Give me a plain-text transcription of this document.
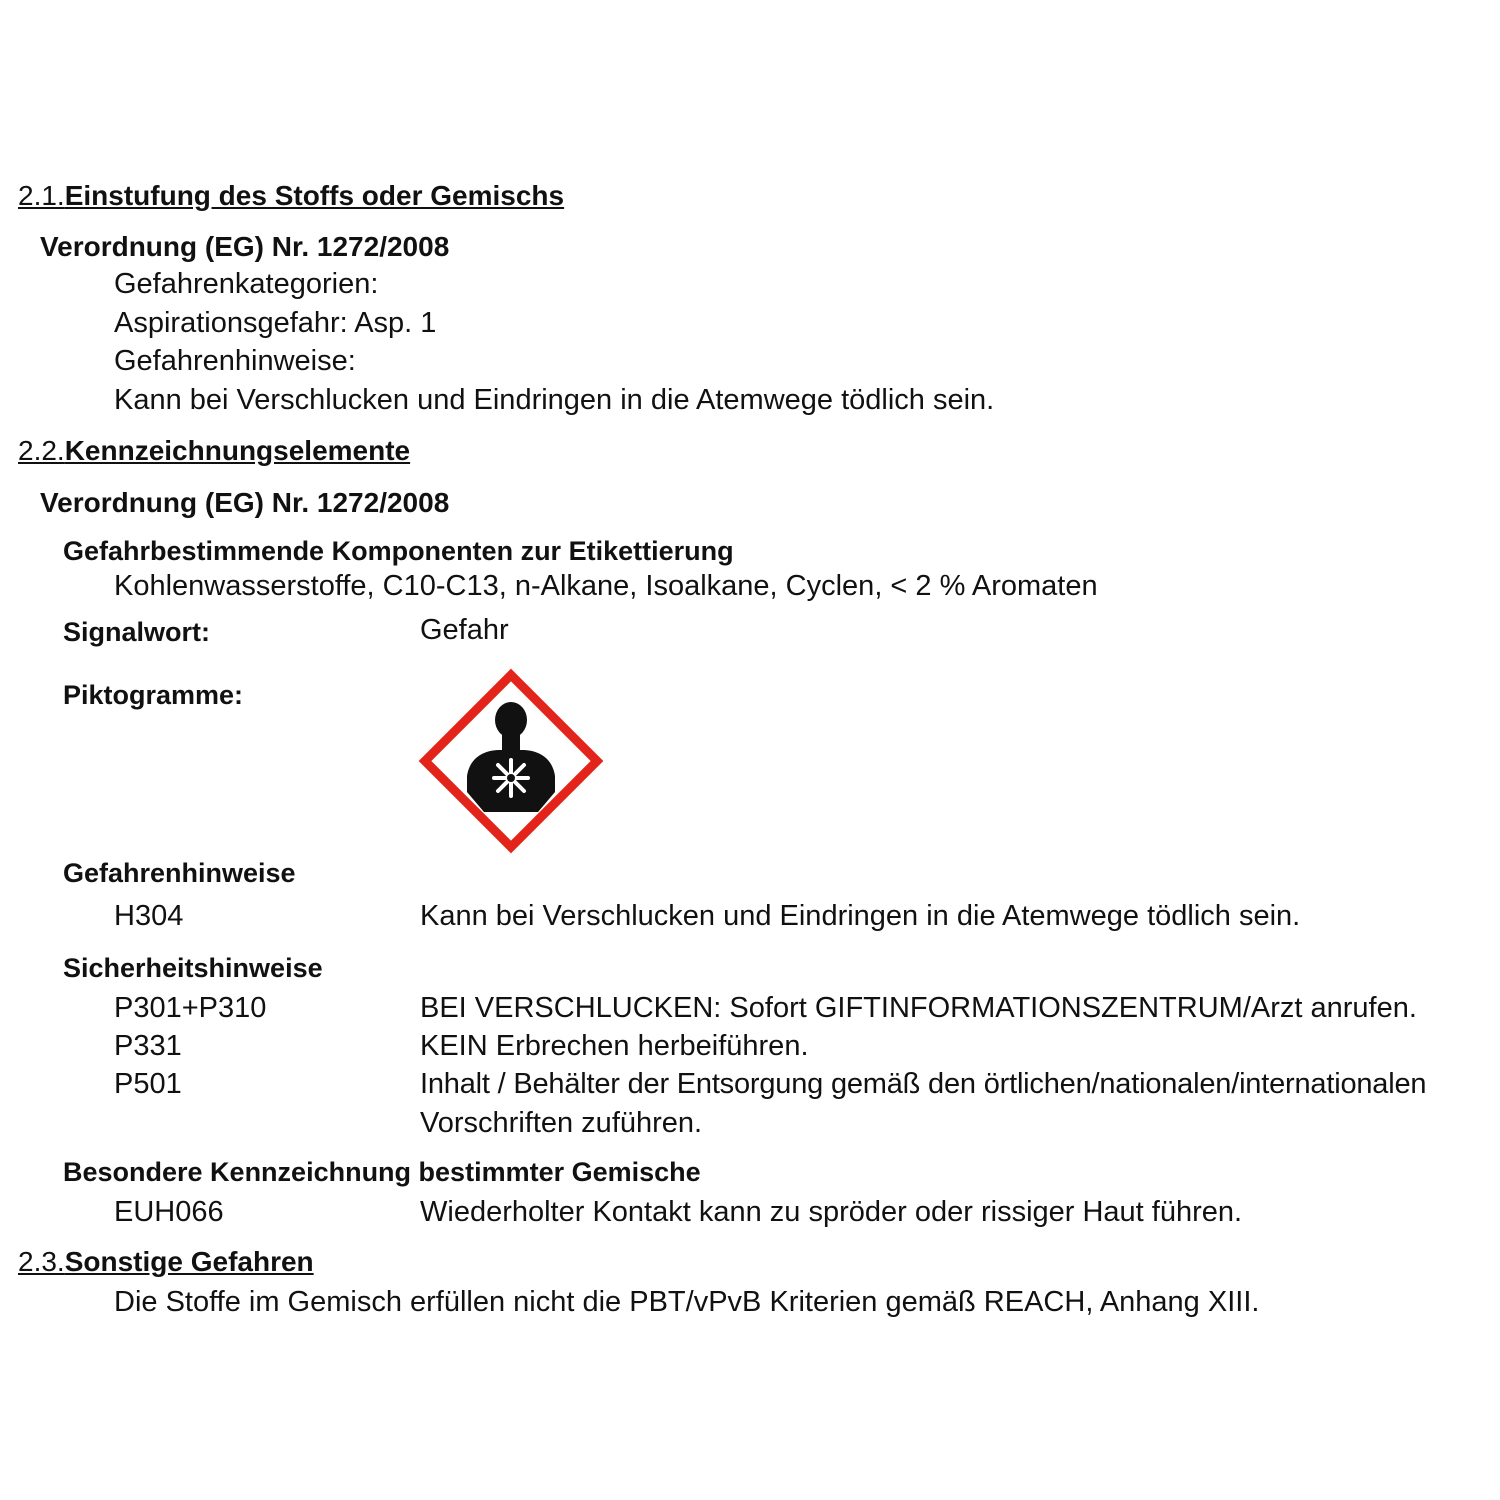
2.1.Einstufung des Stoffs oder Gemischs
Verordnung (EG) Nr. 1272/2008
Gefahrenkategorien:
Aspirationsgefahr: Asp. 1
Gefahrenhinweise:
Kann bei Verschlucken und Eindringen in die Atemwege tödlich sein.
2.2.Kennzeichnungselemente
Verordnung (EG) Nr. 1272/2008
Gefahrbestimmende Komponenten zur Etikettierung
Kohlenwasserstoffe, C10-C13, n-Alkane, Isoalkane, Cyclen, < 2 % Aromaten
Signalwort:	Gefahr
Piktogramme:
Gefahrenhinweise
H304	Kann bei Verschlucken und Eindringen in die Atemwege tödlich sein.
Sicherheitshinweise
P301+P310	BEI VERSCHLUCKEN: Sofort GIFTINFORMATIONSZENTRUM/Arzt anrufen.
P331	KEIN Erbrechen herbeiführen.
P501	Inhalt / Behälter der Entsorgung gemäß den örtlichen/nationalen/internationalen
Vorschriften zuführen.
Besondere Kennzeichnung bestimmter Gemische
EUH066	Wiederholter Kontakt kann zu spröder oder rissiger Haut führen.
2.3.Sonstige Gefahren
Die Stoffe im Gemisch erfüllen nicht die PBT/vPvB Kriterien gemäß REACH, Anhang XIII.
